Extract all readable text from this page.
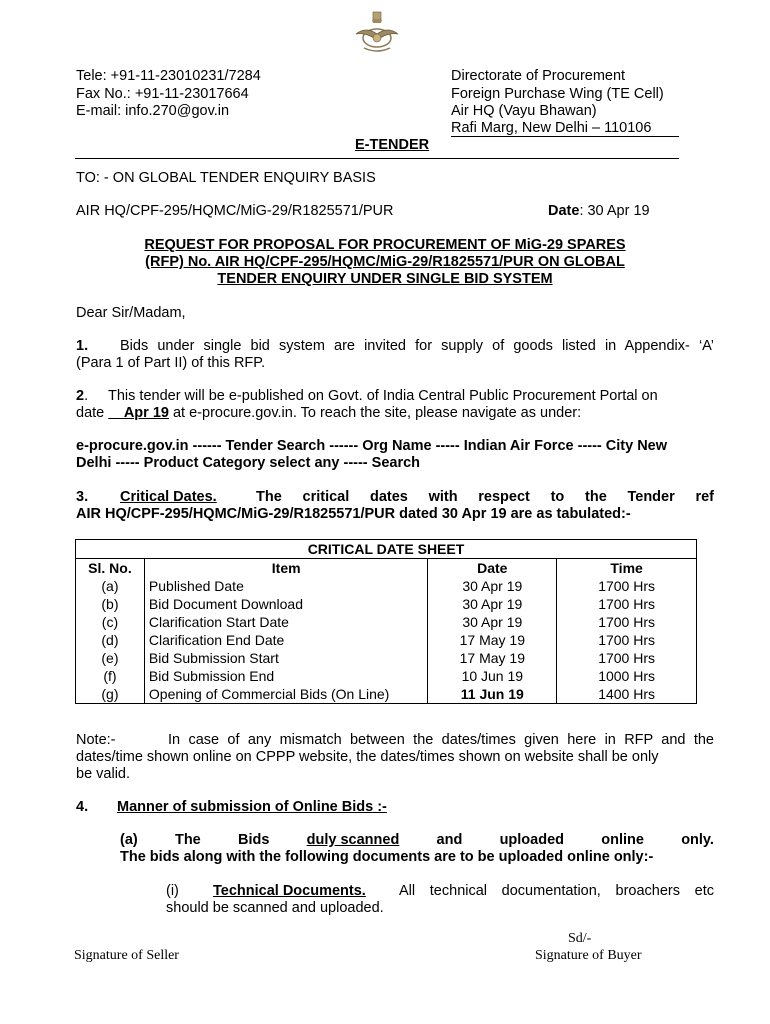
Tele: +91-11-23010231/7284
Fax No.: +91-11-23017664
E-mail: info.270@gov.in
Directorate of Procurement
Foreign Purchase Wing (TE Cell)
Air HQ (Vayu Bhawan)
Rafi Marg, New Delhi – 110106
E-TENDER
TO: - ON GLOBAL TENDER ENQUIRY BASIS
AIR HQ/CPF-295/HQMC/MiG-29/R1825571/PUR	Date: 30 Apr 19
REQUEST FOR PROPOSAL FOR PROCUREMENT OF MiG-29 SPARES
(RFP) No. AIR HQ/CPF-295/HQMC/MiG-29/R1825571/PUR ON GLOBAL
TENDER ENQUIRY UNDER SINGLE BID SYSTEM
Dear Sir/Madam,
1. Bids under single bid system are invited for supply of goods listed in Appendix- ‘A’
(Para 1 of Part II) of this RFP.
2.     This tender will be e-published on Govt. of India Central Public Procurement Portal on
date     Apr 19 at e-procure.gov.in. To reach the site, please navigate as under:
e-procure.gov.in ------ Tender Search ------ Org Name ----- Indian Air Force ----- City New
Delhi ----- Product Category select any ----- Search
3. Critical Dates.	The critical dates with respect to the Tender ref
AIR HQ/CPF-295/HQMC/MiG-29/R1825571/PUR dated 30 Apr 19 are as tabulated:-
CRITICAL DATE SHEET			
Sl. No.	Item	Date	Time
(a)	Published Date	30 Apr 19	1700 Hrs
(b)	Bid Document Download	30 Apr 19	1700 Hrs
(c)	Clarification Start Date	30 Apr 19	1700 Hrs
(d)	Clarification End Date	17 May 19	1700 Hrs
(e)	Bid Submission Start	17 May 19	1700 Hrs
(f)	Bid Submission End	10 Jun 19	1000 Hrs
(g)	Opening of Commercial Bids (On Line)	11 Jun 19	1400 Hrs
Note:-	In case of any mismatch between the dates/times given here in RFP and the
dates/time shown online on CPPP website, the dates/times shown on website shall be only
be valid.
4. Manner of submission of Online Bids :-
(a)	The	Bids	duly scanned	and	uploaded	online	only.
The bids along with the following documents are to be uploaded online only:-
(i) Technical Documents. All technical documentation, broachers etc
should be scanned and uploaded.
Sd/-
Signature of Seller	Signature of Buyer
